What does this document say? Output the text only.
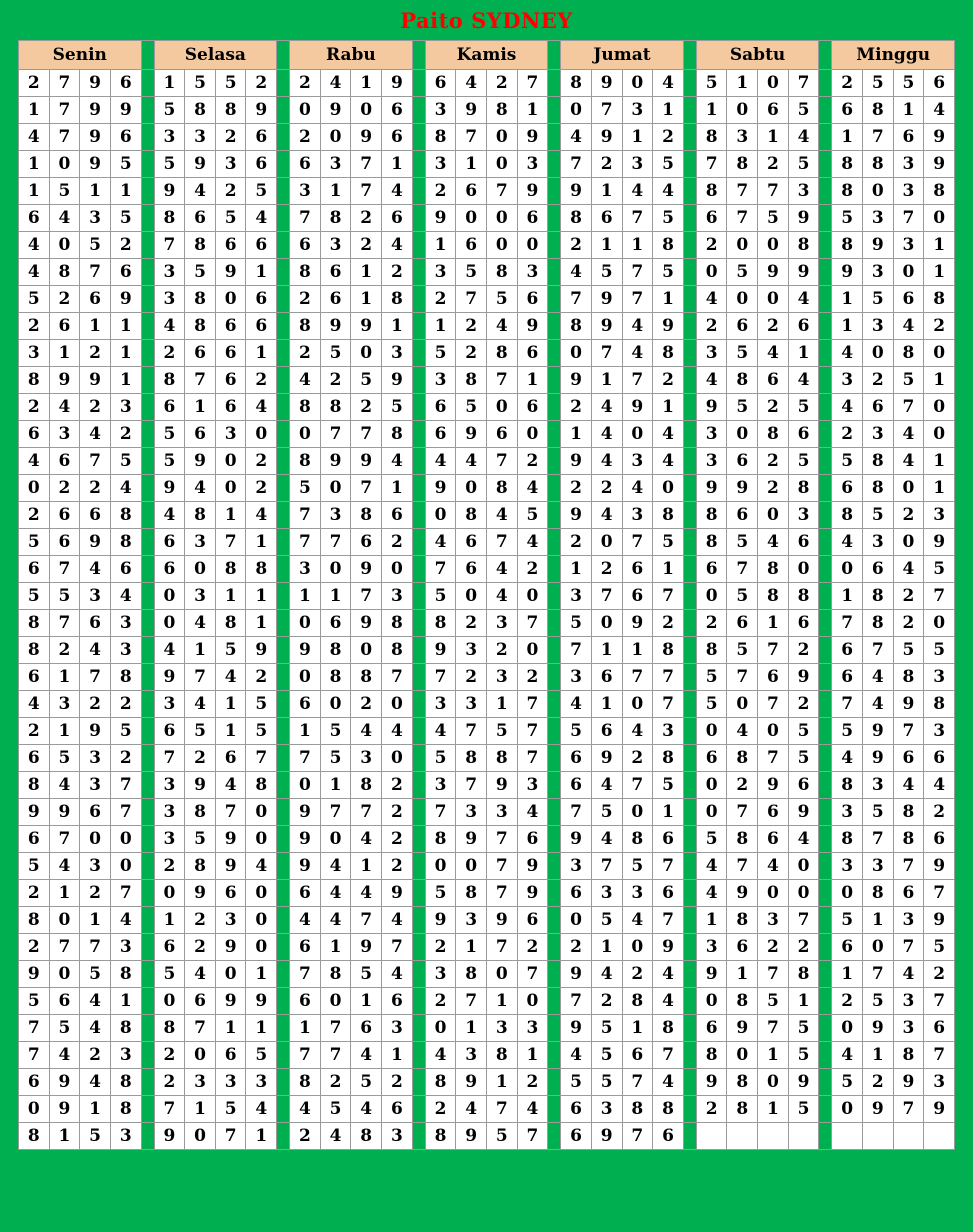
Paito SYDNEY
Senin					Selasa					Rabu					Kamis					Jumat					Sabtu					Minggu			
2	7	9	6		1	5	5	2		2	4	1	9		6	4	2	7		8	9	0	4		5	1	0	7		2	5	5	6
1	7	9	9		5	8	8	9		0	9	0	6		3	9	8	1		0	7	3	1		1	0	6	5		6	8	1	4
4	7	9	6		3	3	2	6		2	0	9	6		8	7	0	9		4	9	1	2		8	3	1	4		1	7	6	9
1	0	9	5		5	9	3	6		6	3	7	1		3	1	0	3		7	2	3	5		7	8	2	5		8	8	3	9
1	5	1	1		9	4	2	5		3	1	7	4		2	6	7	9		9	1	4	4		8	7	7	3		8	0	3	8
6	4	3	5		8	6	5	4		7	8	2	6		9	0	0	6		8	6	7	5		6	7	5	9		5	3	7	0
4	0	5	2		7	8	6	6		6	3	2	4		1	6	0	0		2	1	1	8		2	0	0	8		8	9	3	1
4	8	7	6		3	5	9	1		8	6	1	2		3	5	8	3		4	5	7	5		0	5	9	9		9	3	0	1
5	2	6	9		3	8	0	6		2	6	1	8		2	7	5	6		7	9	7	1		4	0	0	4		1	5	6	8
2	6	1	1		4	8	6	6		8	9	9	1		1	2	4	9		8	9	4	9		2	6	2	6		1	3	4	2
3	1	2	1		2	6	6	1		2	5	0	3		5	2	8	6		0	7	4	8		3	5	4	1		4	0	8	0
8	9	9	1		8	7	6	2		4	2	5	9		3	8	7	1		9	1	7	2		4	8	6	4		3	2	5	1
2	4	2	3		6	1	6	4		8	8	2	5		6	5	0	6		2	4	9	1		9	5	2	5		4	6	7	0
6	3	4	2		5	6	3	0		0	7	7	8		6	9	6	0		1	4	0	4		3	0	8	6		2	3	4	0
4	6	7	5		5	9	0	2		8	9	9	4		4	4	7	2		9	4	3	4		3	6	2	5		5	8	4	1
0	2	2	4		9	4	0	2		5	0	7	1		9	0	8	4		2	2	4	0		9	9	2	8		6	8	0	1
2	6	6	8		4	8	1	4		7	3	8	6		0	8	4	5		9	4	3	8		8	6	0	3		8	5	2	3
5	6	9	8		6	3	7	1		7	7	6	2		4	6	7	4		2	0	7	5		8	5	4	6		4	3	0	9
6	7	4	6		6	0	8	8		3	0	9	0		7	6	4	2		1	2	6	1		6	7	8	0		0	6	4	5
5	5	3	4		0	3	1	1		1	1	7	3		5	0	4	0		3	7	6	7		0	5	8	8		1	8	2	7
8	7	6	3		0	4	8	1		0	6	9	8		8	2	3	7		5	0	9	2		2	6	1	6		7	8	2	0
8	2	4	3		4	1	5	9		9	8	0	8		9	3	2	0		7	1	1	8		8	5	7	2		6	7	5	5
6	1	7	8		9	7	4	2		0	8	8	7		7	2	3	2		3	6	7	7		5	7	6	9		6	4	8	3
4	3	2	2		3	4	1	5		6	0	2	0		3	3	1	7		4	1	0	7		5	0	7	2		7	4	9	8
2	1	9	5		6	5	1	5		1	5	4	4		4	7	5	7		5	6	4	3		0	4	0	5		5	9	7	3
6	5	3	2		7	2	6	7		7	5	3	0		5	8	8	7		6	9	2	8		6	8	7	5		4	9	6	6
8	4	3	7		3	9	4	8		0	1	8	2		3	7	9	3		6	4	7	5		0	2	9	6		8	3	4	4
9	9	6	7		3	8	7	0		9	7	7	2		7	3	3	4		7	5	0	1		0	7	6	9		3	5	8	2
6	7	0	0		3	5	9	0		9	0	4	2		8	9	7	6		9	4	8	6		5	8	6	4		8	7	8	6
5	4	3	0		2	8	9	4		9	4	1	2		0	0	7	9		3	7	5	7		4	7	4	0		3	3	7	9
2	1	2	7		0	9	6	0		6	4	4	9		5	8	7	9		6	3	3	6		4	9	0	0		0	8	6	7
8	0	1	4		1	2	3	0		4	4	7	4		9	3	9	6		0	5	4	7		1	8	3	7		5	1	3	9
2	7	7	3		6	2	9	0		6	1	9	7		2	1	7	2		2	1	0	9		3	6	2	2		6	0	7	5
9	0	5	8		5	4	0	1		7	8	5	4		3	8	0	7		9	4	2	4		9	1	7	8		1	7	4	2
5	6	4	1		0	6	9	9		6	0	1	6		2	7	1	0		7	2	8	4		0	8	5	1		2	5	3	7
7	5	4	8		8	7	1	1		1	7	6	3		0	1	3	3		9	5	1	8		6	9	7	5		0	9	3	6
7	4	2	3		2	0	6	5		7	7	4	1		4	3	8	1		4	5	6	7		8	0	1	5		4	1	8	7
6	9	4	8		2	3	3	3		8	2	5	2		8	9	1	2		5	5	7	4		9	8	0	9		5	2	9	3
0	9	1	8		7	1	5	4		4	5	4	6		2	4	7	4		6	3	8	8		2	8	1	5		0	9	7	9
8	1	5	3		9	0	7	1		2	4	8	3		8	9	5	7		6	9	7	6										
